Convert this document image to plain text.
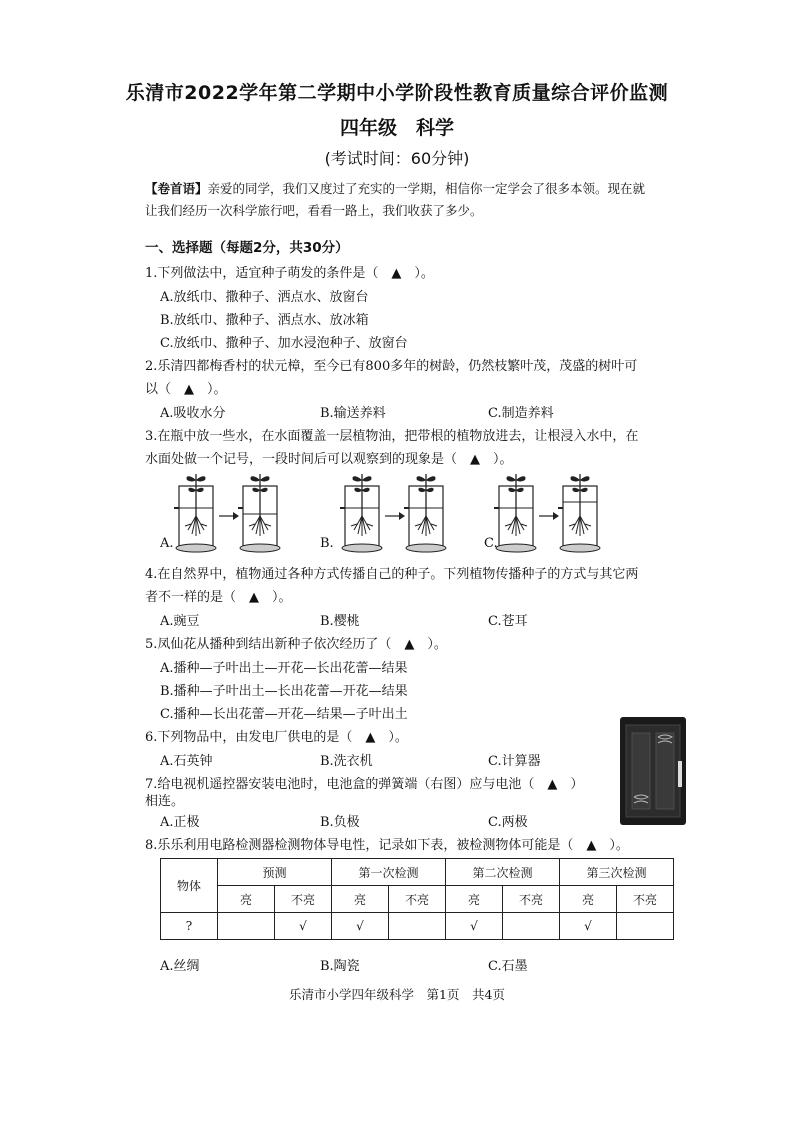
乐清市2022学年第二学期中小学阶段性教育质量综合评价监测
四年级　科学
(考试时间：60分钟)
【卷首语】亲爱的同学，我们又度过了充实的一学期，相信你一定学会了很多本领。现在就
让我们经历一次科学旅行吧，看看一路上，我们收获了多少。
一、选择题（每题2分，共30分）
1.下列做法中，适宜种子萌发的条件是（　▲　）。
A.放纸巾、撒种子、洒点水、放窗台
B.放纸巾、撒种子、洒点水、放冰箱
C.放纸巾、撒种子、加水浸泡种子、放窗台
2.乐清四都梅香村的状元樟，至今已有800多年的树龄，仍然枝繁叶茂，茂盛的树叶可
以（　▲　）。
A.吸收水分	B.输送养料	C.制造养料
3.在瓶中放一些水，在水面覆盖一层植物油，把带根的植物放进去，让根浸入水中，在
水面处做一个记号，一段时间后可以观察到的现象是（　▲　）。
A.	B.	C.
4.在自然界中，植物通过各种方式传播自己的种子。下列植物传播种子的方式与其它两
者不一样的是（　▲　）。
A.豌豆	B.樱桃	C.苍耳
5.凤仙花从播种到结出新种子依次经历了（　▲　）。
A.播种—子叶出土—开花—长出花蕾—结果
B.播种—子叶出土—长出花蕾—开花—结果
C.播种—长出花蕾—开花—结果—子叶出土
6.下列物品中，由发电厂供电的是（　▲　）。
A.石英钟	B.洗衣机	C.计算器
7.给电视机遥控器安装电池时，电池盒的弹簧端（右图）应与电池（　▲　）
相连。
A.正极	B.负极	C.两极
8.乐乐利用电路检测器检测物体导电性，记录如下表，被检测物体可能是（　▲　）。
物体	预测		第一次检测		第二次检测		第三次检测	
	亮	不亮	亮	不亮	亮	不亮	亮	不亮
?		√	√		√		√	
A.丝绸	B.陶瓷	C.石墨
乐清市小学四年级科学　第1页　共4页
